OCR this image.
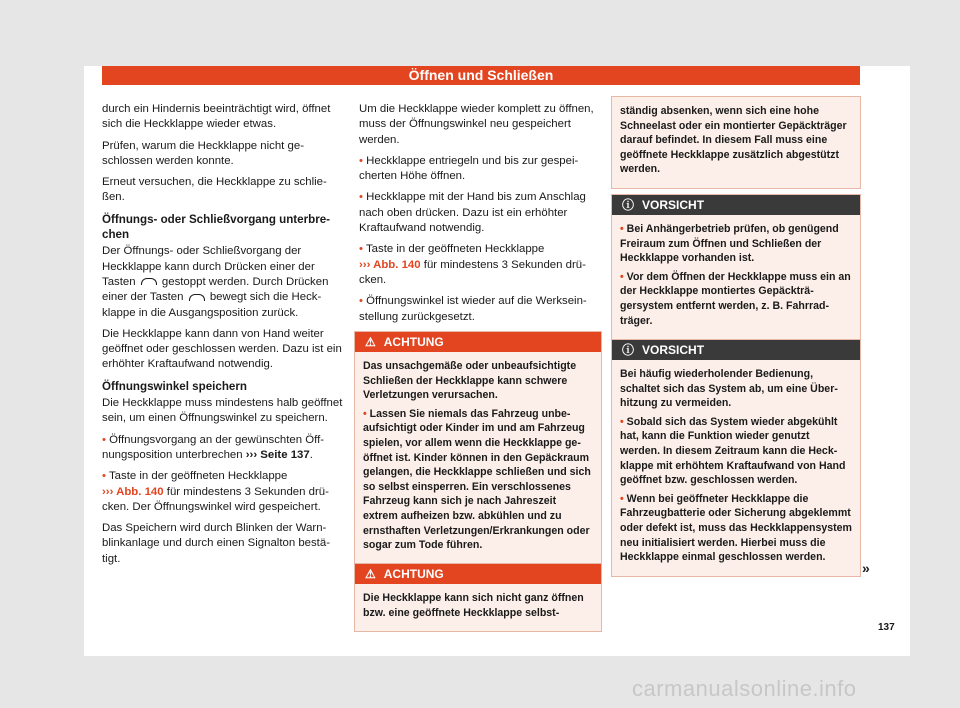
Öffnen und Schließen

durch ein Hindernis beeinträchtigt wird, öffnet sich die Heckklappe wieder etwas.

Prüfen, warum die Heckklappe nicht geschlossen werden konnte.

Erneut versuchen, die Heckklappe zu schließen.

Öffnungs- oder Schließvorgang unterbrechen

Der Öffnungs- oder Schließvorgang der Heckklappe kann durch Drücken einer der Tasten gestoppt werden. Durch Drücken einer der Tasten bewegt sich die Heckklappe in die Ausgangsposition zurück.

Die Heckklappe kann dann von Hand weiter geöffnet oder geschlossen werden. Dazu ist ein erhöhter Kraftaufwand notwendig.

Öffnungswinkel speichern

Die Heckklappe muss mindestens halb geöffnet sein, um einen Öffnungswinkel zu speichern.

• Öffnungsvorgang an der gewünschten Öffnungsposition unterbrechen ››› Seite 137.

• Taste in der geöffneten Heckklappe
››› Abb. 140 für mindestens 3 Sekunden drücken. Der Öffnungswinkel wird gespeichert.

Das Speichern wird durch Blinken der Warnblinkanlage und durch einen Signalton bestätigt.

Um die Heckklappe wieder komplett zu öffnen, muss der Öffnungswinkel neu gespeichert werden.

• Heckklappe entriegeln und bis zur gespeicherten Höhe öffnen.

• Heckklappe mit der Hand bis zum Anschlag nach oben drücken. Dazu ist ein erhöhter Kraftaufwand notwendig.

• Taste in der geöffneten Heckklappe
››› Abb. 140 für mindestens 3 Sekunden drücken.

• Öffnungswinkel ist wieder auf die Werkseinstellung zurückgesetzt.

⚠ ACHTUNG

Das unsachgemäße oder unbeaufsichtigte Schließen der Heckklappe kann schwere Verletzungen verursachen.

• Lassen Sie niemals das Fahrzeug unbeaufsichtigt oder Kinder im und am Fahrzeug spielen, vor allem wenn die Heckklappe geöffnet ist. Kinder können in den Gepäckraum gelangen, die Heckklappe schließen und sich so selbst einsperren. Ein verschlossenes Fahrzeug kann sich je nach Jahreszeit extrem aufheizen bzw. abkühlen und zu ernsthaften Verletzungen/Erkrankungen oder sogar zum Tode führen.

⚠ ACHTUNG

Die Heckklappe kann sich nicht ganz öffnen bzw. eine geöffnete Heckklappe selbst-

ständig absenken, wenn sich eine hohe Schneelast oder ein montierter Gepäckträger darauf befindet. In diesem Fall muss eine geöffnete Heckklappe zusätzlich abgestützt werden.

ⓘ VORSICHT

• Bei Anhängerbetrieb prüfen, ob genügend Freiraum zum Öffnen und Schließen der Heckklappe vorhanden ist.

• Vor dem Öffnen der Heckklappe muss ein an der Heckklappe montiertes Gepäckträgersystem entfernt werden, z. B. Fahrradträger.

ⓘ VORSICHT

Bei häufig wiederholender Bedienung, schaltet sich das System ab, um eine Überhitzung zu vermeiden.

• Sobald sich das System wieder abgekühlt hat, kann die Funktion wieder genutzt werden. In diesem Zeitraum kann die Heckklappe mit erhöhtem Kraftaufwand von Hand geöffnet bzw. geschlossen werden.

• Wenn bei geöffneter Heckklappe die Fahrzeugbatterie oder Sicherung abgeklemmt oder defekt ist, muss das Heckklappensystem neu initialisiert werden. Hierbei muss die Heckklappe einmal geschlossen werden.

»
137
carmanualsonline.info
